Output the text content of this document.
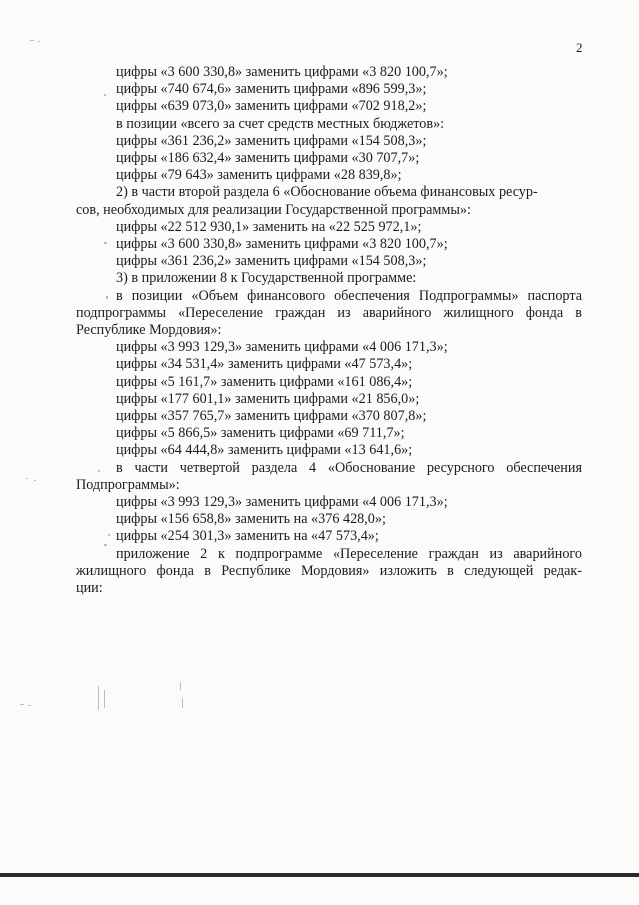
2
цифры «3 600 330,8» заменить цифрами «3 820 100,7»;
цифры «740 674,6» заменить цифрами «896 599,3»;
цифры «639 073,0» заменить цифрами «702 918,2»;
в позиции «всего за счет средств местных бюджетов»:
цифры «361 236,2» заменить цифрами «154 508,3»;
цифры «186 632,4» заменить цифрами «30 707,7»;
цифры «79 643» заменить цифрами «28 839,8»;
2) в части второй раздела 6 «Обоснование объема финансовых ресур-
сов, необходимых для реализации Государственной программы»:
цифры «22 512 930,1» заменить на «22 525 972,1»;
цифры «3 600 330,8» заменить цифрами «3 820 100,7»;
цифры «361 236,2» заменить цифрами «154 508,3»;
3) в приложении 8 к Государственной программе:
в позиции «Объем финансового обеспечения Подпрограммы» паспорта
подпрограммы «Переселение граждан из аварийного жилищного фонда в
Республике Мордовия»:
цифры «3 993 129,3» заменить цифрами «4 006 171,3»;
цифры «34 531,4» заменить цифрами «47 573,4»;
цифры «5 161,7» заменить цифрами «161 086,4»;
цифры «177 601,1» заменить цифрами «21 856,0»;
цифры «357 765,7» заменить цифрами «370 807,8»;
цифры «5 866,5» заменить цифрами «69 711,7»;
цифры «64 444,8» заменить цифрами «13 641,6»;
в части четвертой раздела 4 «Обоснование ресурсного обеспечения
Подпрограммы»:
цифры «3 993 129,3» заменить цифрами «4 006 171,3»;
цифры «156 658,8» заменить на «376 428,0»;
цифры «254 301,3» заменить на «47 573,4»;
приложение 2 к подпрограмме «Переселение граждан из аварийного
жилищного фонда в Республике Мордовия» изложить в следующей редак-
ции:
